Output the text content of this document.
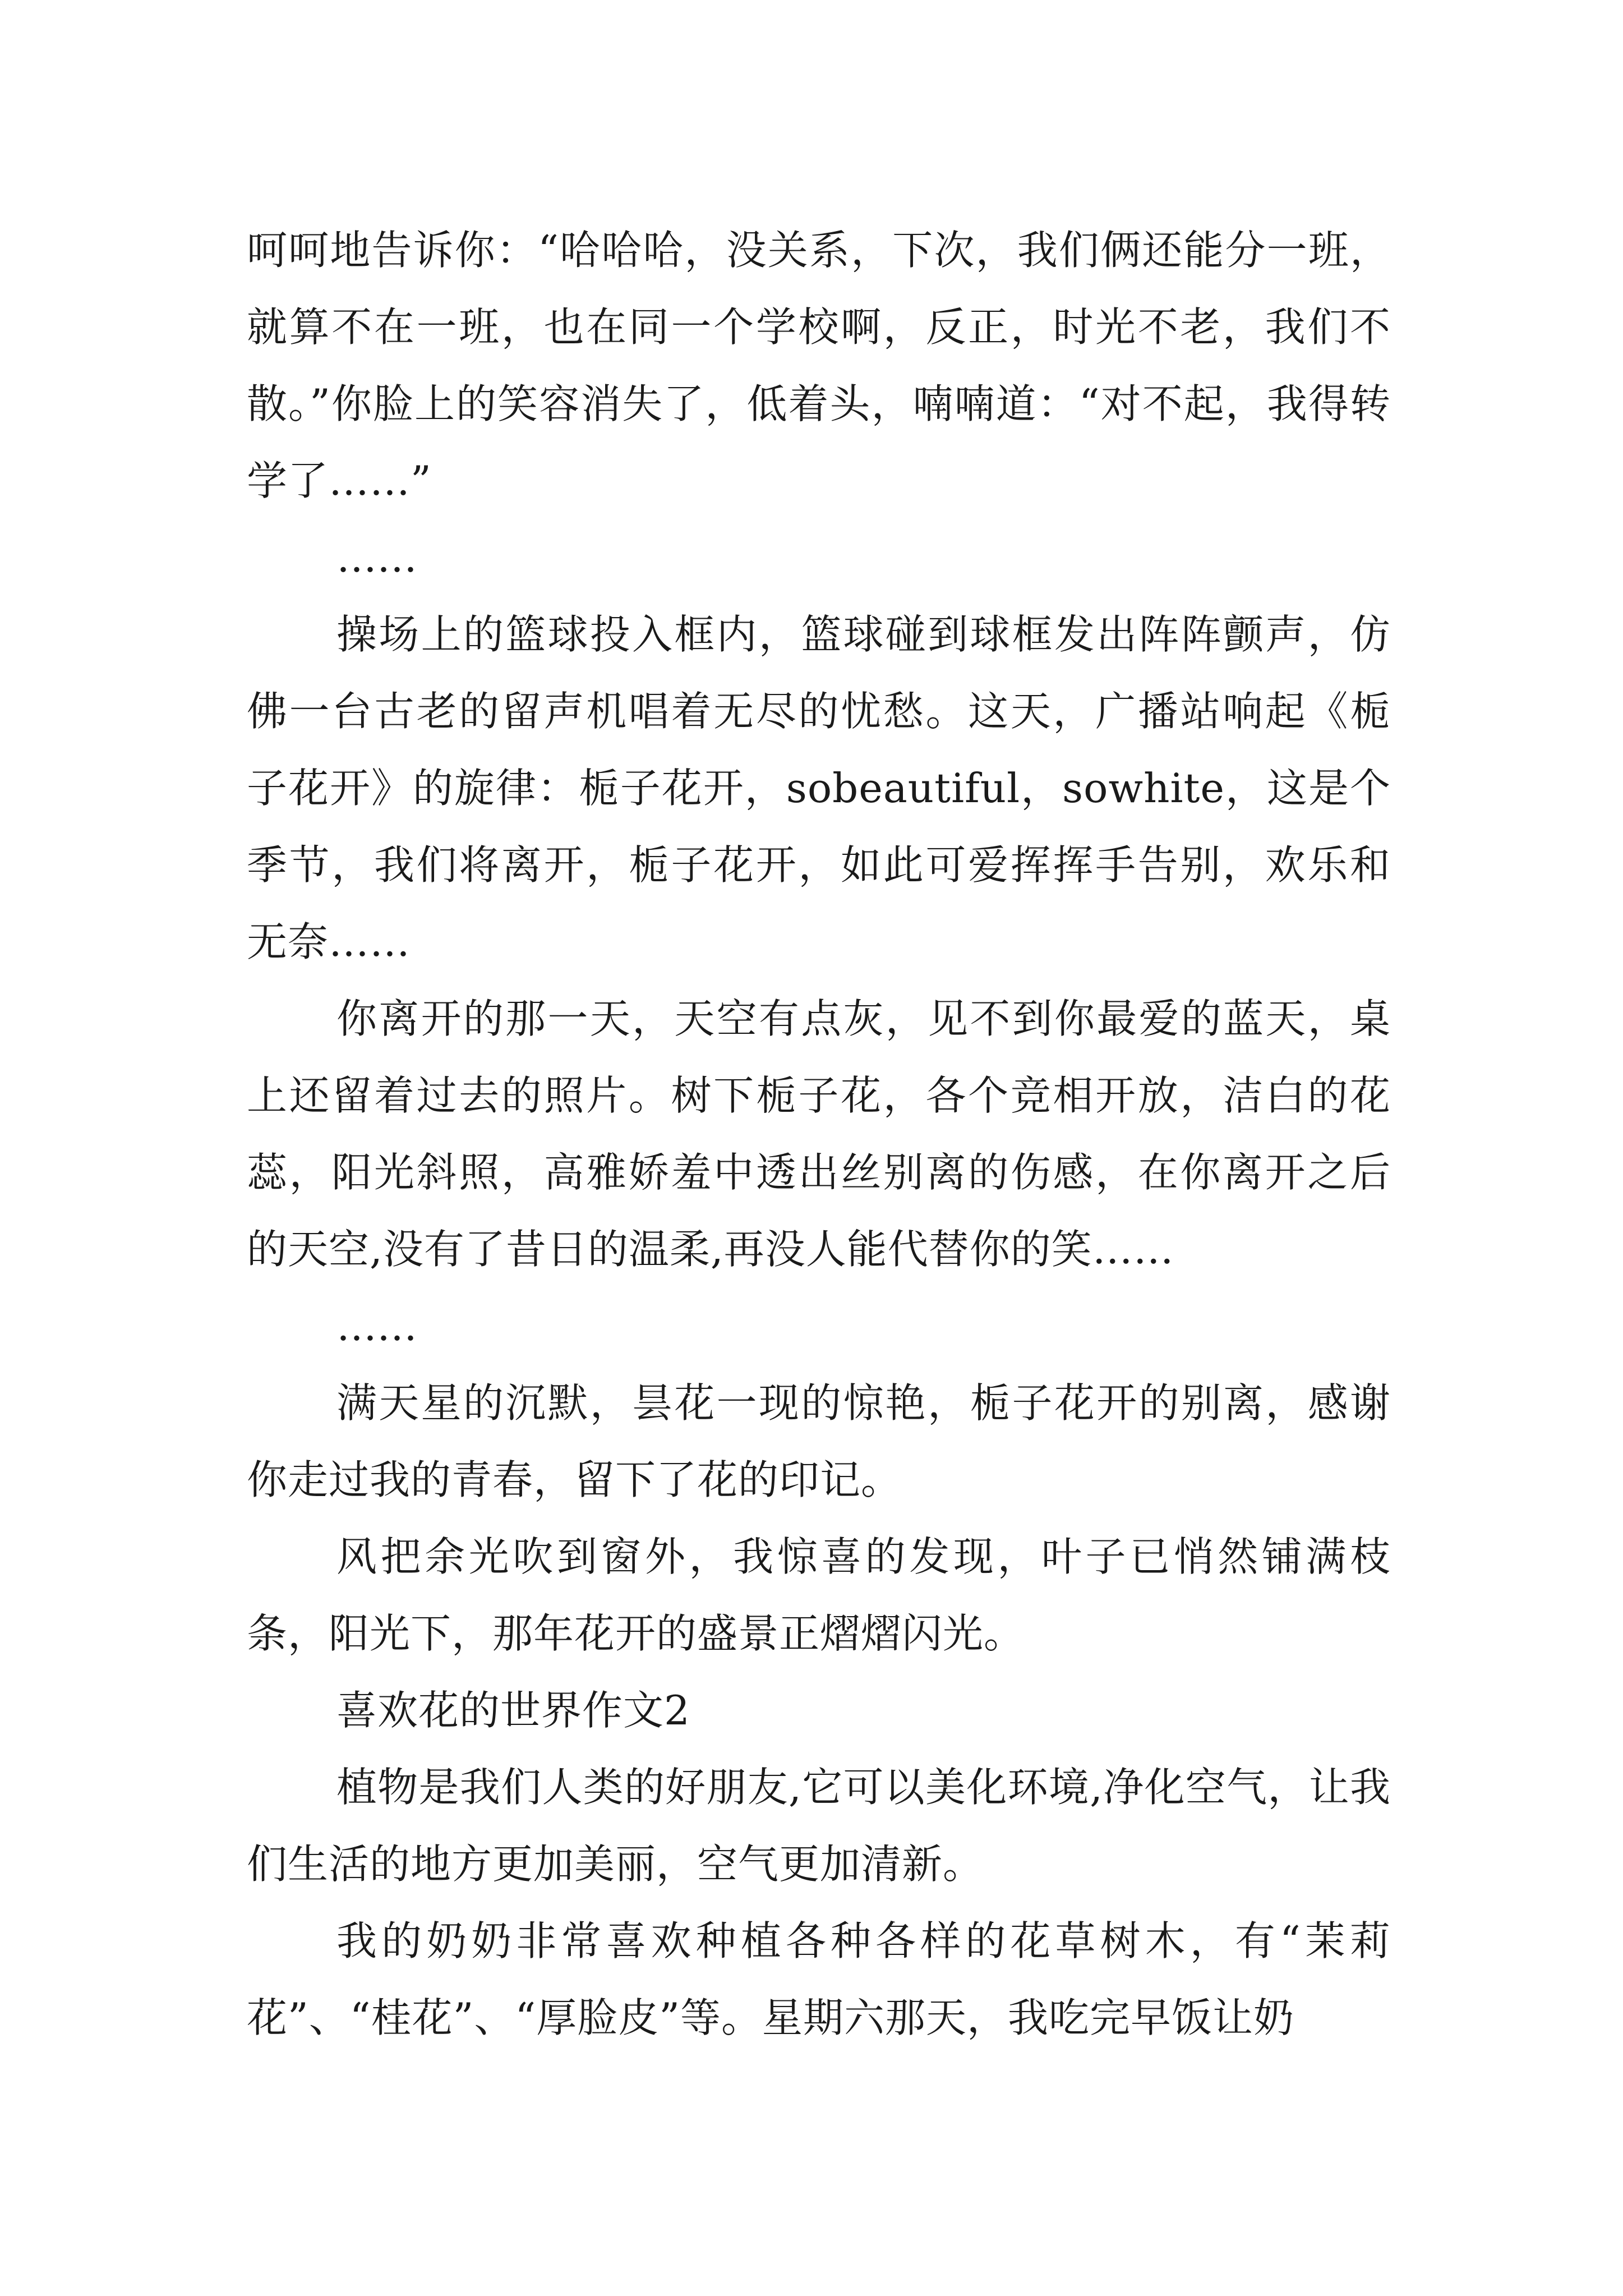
呵呵地告诉你：“哈哈哈，没关系，下次，我们俩还能分一班，就算不在一班，也在同一个学校啊，反正，时光不老，我们不散。”你脸上的笑容消失了，低着头，喃喃道：“对不起，我得转学了……”

……

操场上的篮球投入框内，篮球碰到球框发出阵阵颤声，仿佛一台古老的留声机唱着无尽的忧愁。这天，广播站响起《栀子花开》的旋律：栀子花开，sobeautiful，sowhite，这是个季节，我们将离开，栀子花开，如此可爱挥挥手告别，欢乐和无奈……

你离开的那一天，天空有点灰，见不到你最爱的蓝天，桌上还留着过去的照片。树下栀子花，各个竞相开放，洁白的花蕊，阳光斜照，高雅娇羞中透出丝别离的伤感，在你离开之后的天空,没有了昔日的温柔,再没人能代替你的笑……

……

满天星的沉默，昙花一现的惊艳，栀子花开的别离，感谢你走过我的青春，留下了花的印记。

风把余光吹到窗外，我惊喜的发现，叶子已悄然铺满枝条，阳光下，那年花开的盛景正熠熠闪光。

喜欢花的世界作文2

植物是我们人类的好朋友,它可以美化环境,净化空气，让我们生活的地方更加美丽，空气更加清新。

我的奶奶非常喜欢种植各种各样的花草树木，有“茉莉花”、“桂花”、“厚脸皮”等。星期六那天，我吃完早饭让奶
